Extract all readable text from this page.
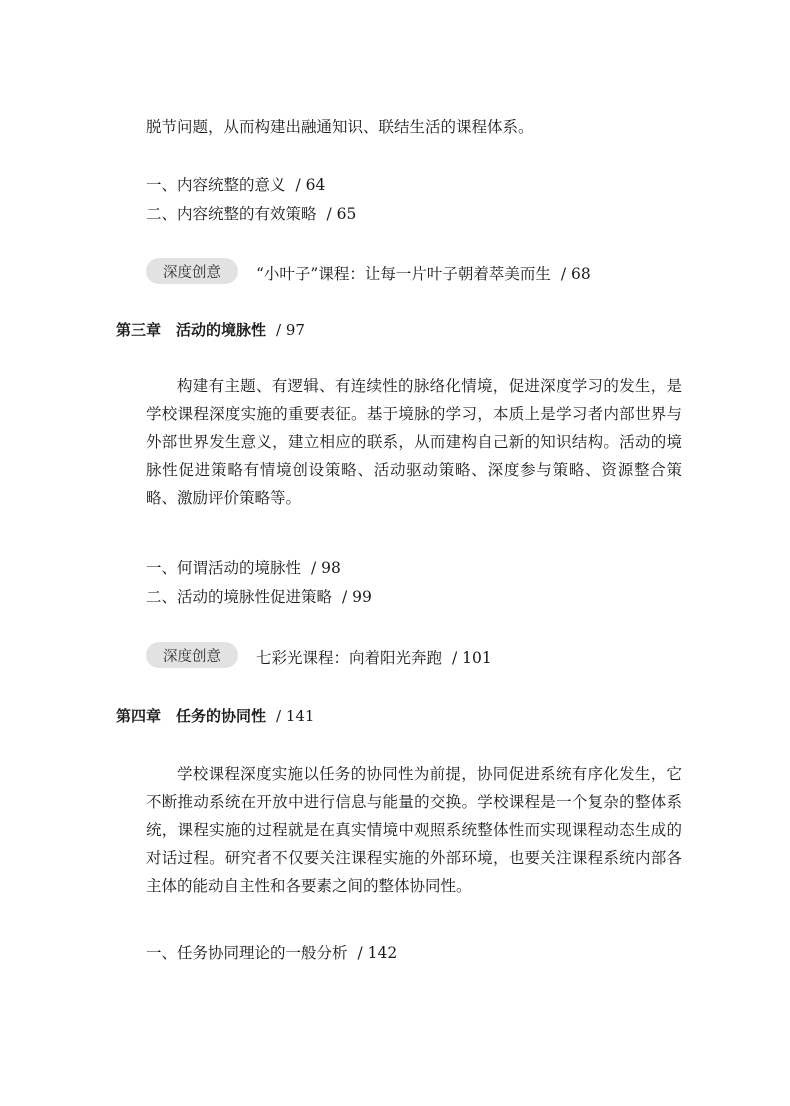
脱节问题，从而构建出融通知识、联结生活的课程体系。
一、内容统整的意义 / 64
二、内容统整的有效策略 / 65
深度创意	“小叶子”课程：让每一片叶子朝着萃美而生 / 68
第三章　活动的境脉性 / 97
构建有主题、有逻辑、有连续性的脉络化情境，促进深度学习的发生，是学校课程深度实施的重要表征。基于境脉的学习，本质上是学习者内部世界与外部世界发生意义，建立相应的联系，从而建构自己新的知识结构。活动的境脉性促进策略有情境创设策略、活动驱动策略、深度参与策略、资源整合策略、激励评价策略等。
一、何谓活动的境脉性 / 98
二、活动的境脉性促进策略 / 99
深度创意	七彩光课程：向着阳光奔跑 / 101
第四章　任务的协同性 / 141
学校课程深度实施以任务的协同性为前提，协同促进系统有序化发生，它不断推动系统在开放中进行信息与能量的交换。学校课程是一个复杂的整体系统，课程实施的过程就是在真实情境中观照系统整体性而实现课程动态生成的对话过程。研究者不仅要关注课程实施的外部环境，也要关注课程系统内部各主体的能动自主性和各要素之间的整体协同性。
一、任务协同理论的一般分析 / 142
